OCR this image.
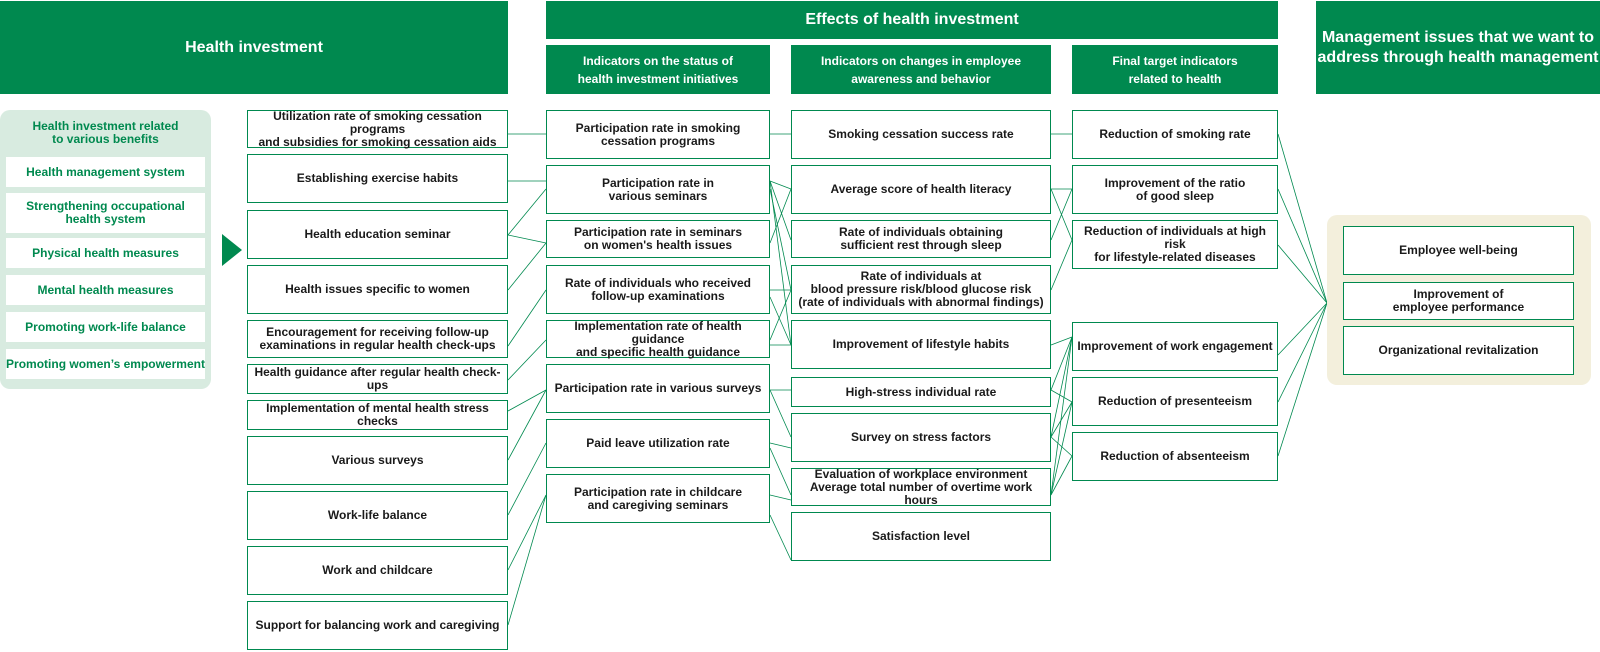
Health investment
Effects of health investment
Management issues that we want to
address through health management
Indicators on the status of
health investment initiatives
Indicators on changes in employee
awareness and behavior
Final target indicators
related to health
Health investment related
to various benefits
Health management system
Strengthening occupational
health system
Physical health measures
Mental health measures
Promoting work-life balance
Promoting women’s empowerment
Utilization rate of smoking cessation programs
and subsidies for smoking cessation aids
Establishing exercise habits
Health education seminar
Health issues specific to women
Encouragement for receiving follow-up
examinations in regular health check-ups
Health guidance after regular health check-ups
Implementation of mental health stress checks
Various surveys
Work-life balance
Work and childcare
Support for balancing work and caregiving
Participation rate in smoking
cessation programs
Participation rate in
various seminars
Participation rate in seminars
on women's health issues
Rate of individuals who received
follow-up examinations
Implementation rate of health guidance
and specific health guidance
Participation rate in various surveys
Paid leave utilization rate
Participation rate in childcare
and caregiving seminars
Smoking cessation success rate
Average score of health literacy
Rate of individuals obtaining
sufficient rest through sleep
Rate of individuals at
blood pressure risk/blood glucose risk
(rate of individuals with abnormal findings)
Improvement of lifestyle habits
High-stress individual rate
Survey on stress factors
Evaluation of workplace environment
Average total number of overtime work hours
Satisfaction level
Reduction of smoking rate
Improvement of the ratio
of good sleep
Reduction of individuals at high risk
for lifestyle-related diseases
Improvement of work engagement
Reduction of presenteeism
Reduction of absenteeism
Employee well-being
Improvement of
employee performance
Organizational revitalization
